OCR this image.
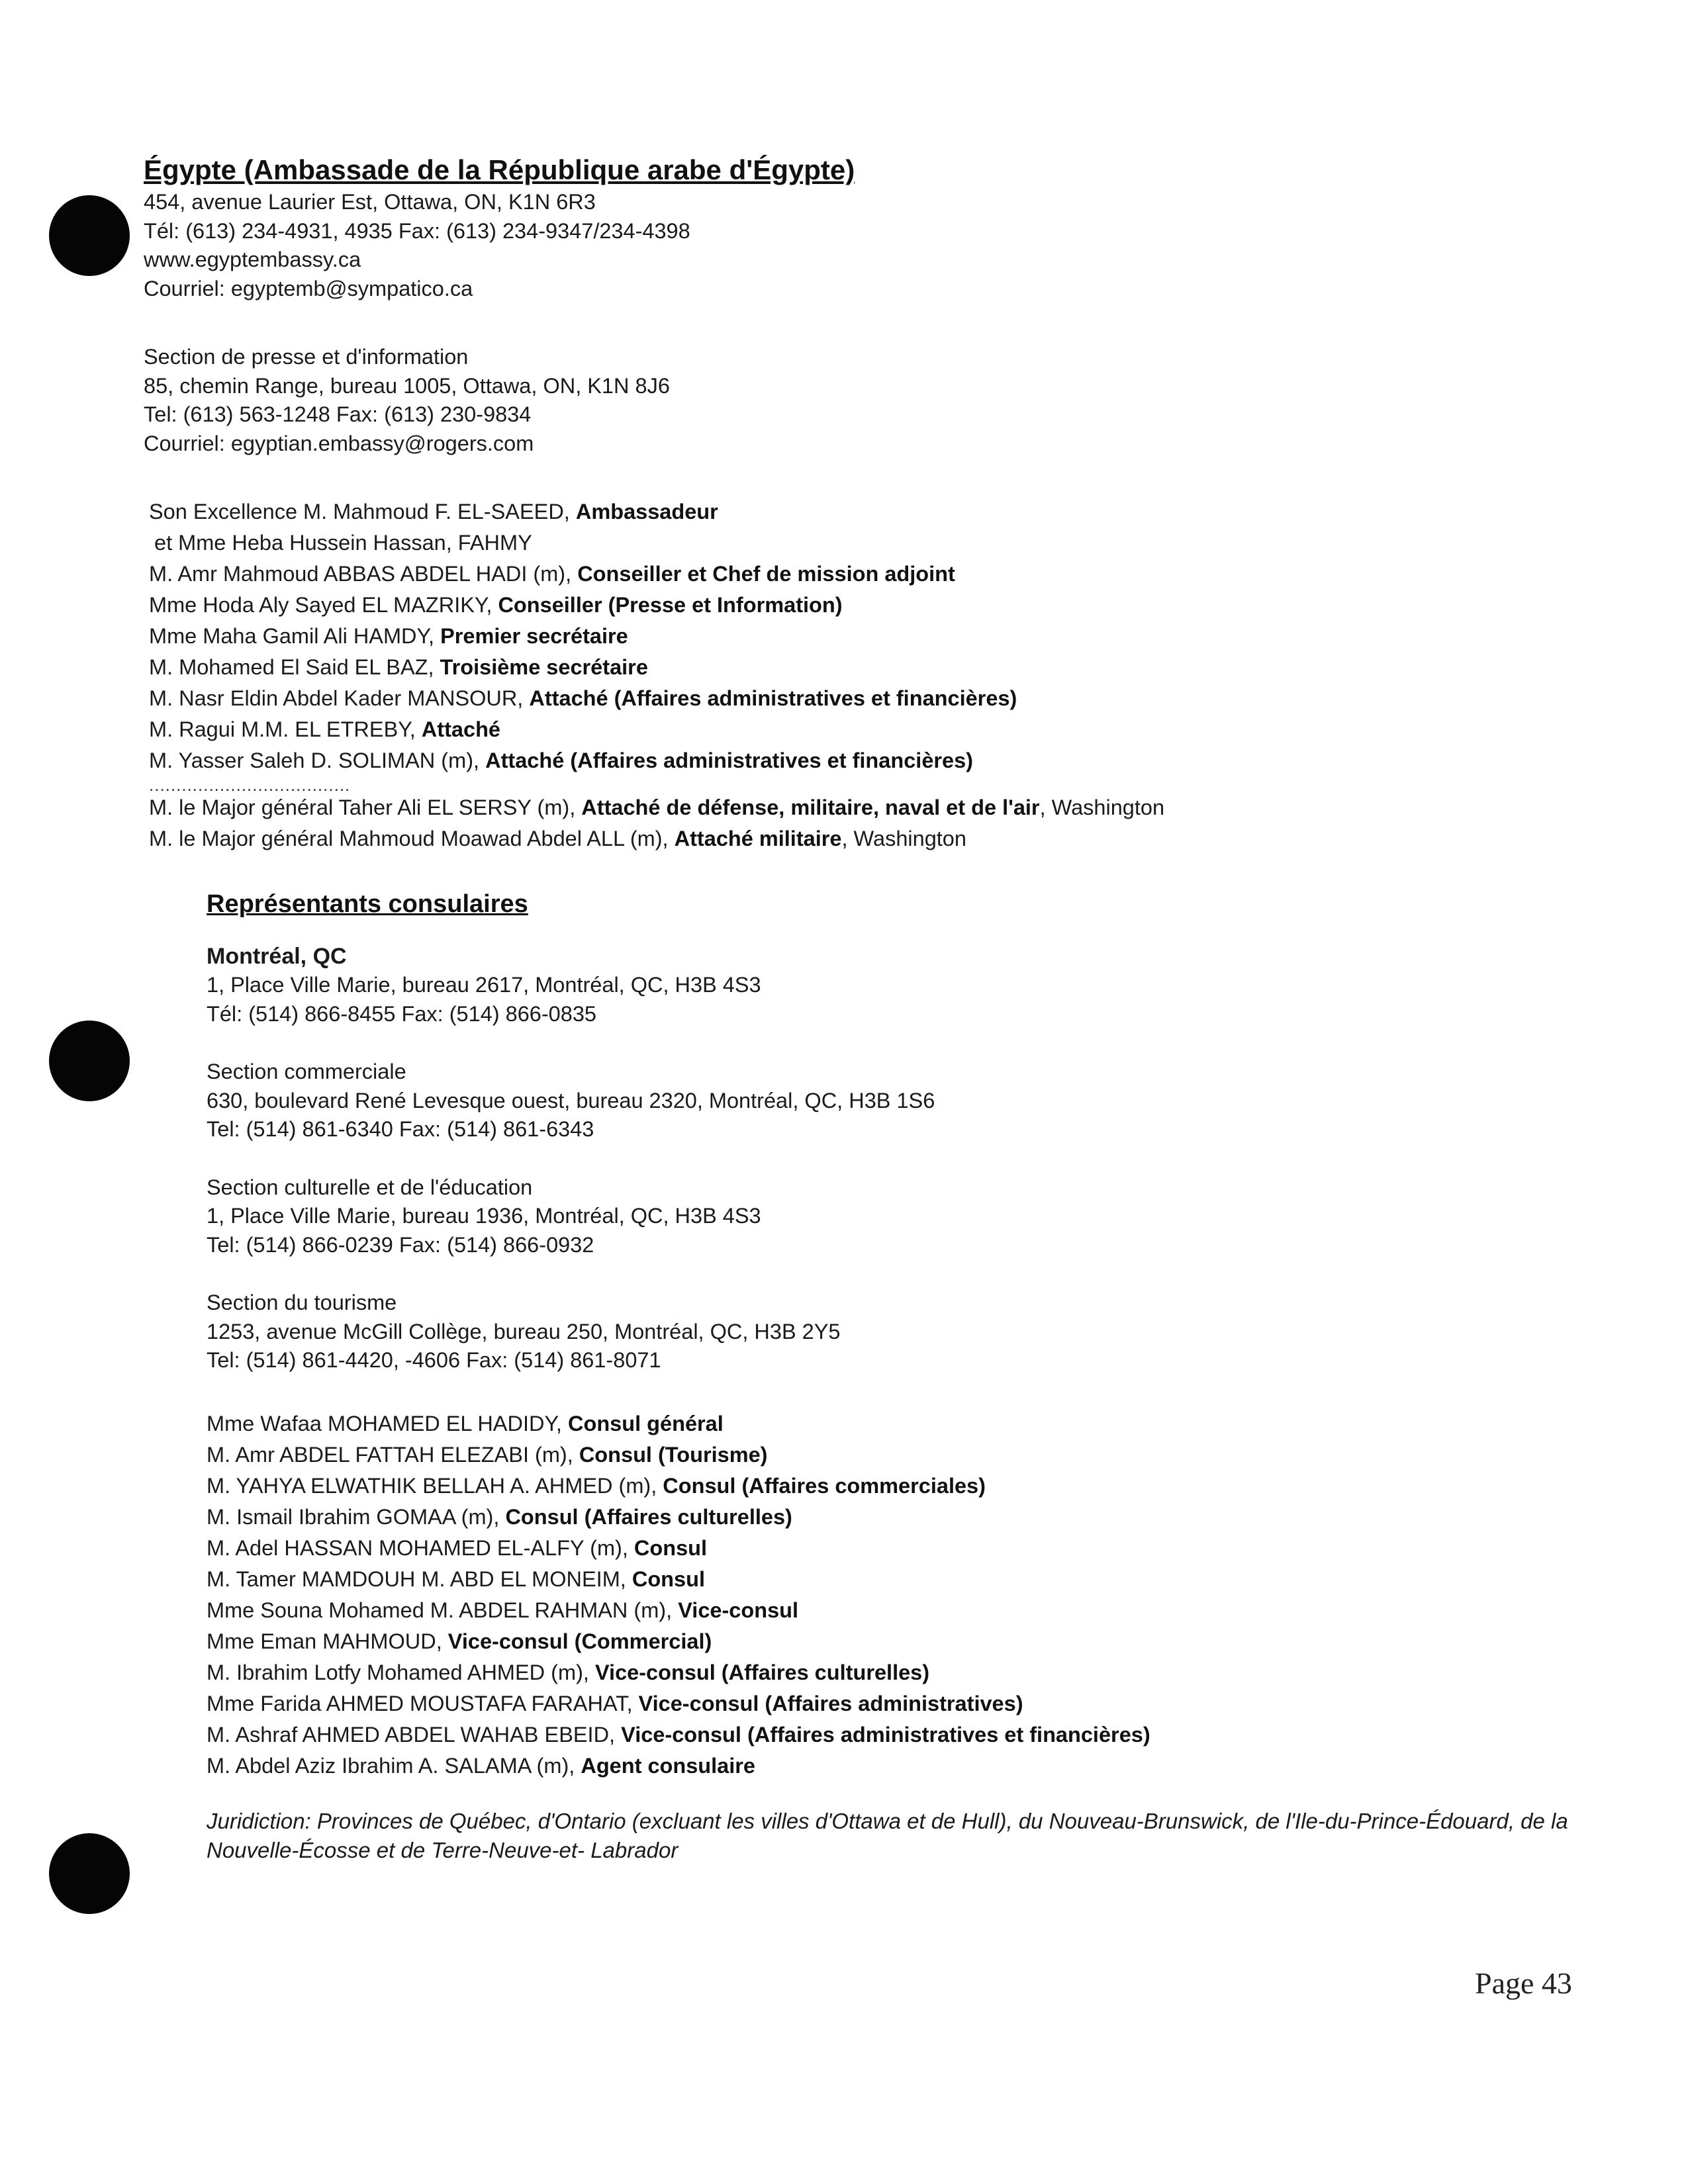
Égypte (Ambassade de la République arabe d'Égypte)
454, avenue Laurier Est, Ottawa, ON, K1N 6R3
Tél: (613) 234-4931, 4935 Fax: (613) 234-9347/234-4398
www.egyptembassy.ca
Courriel: egyptemb@sympatico.ca
Section de presse et d'information
85, chemin Range, bureau 1005, Ottawa, ON, K1N 8J6
Tel: (613) 563-1248 Fax: (613) 230-9834
Courriel: egyptian.embassy@rogers.com
Son Excellence M. Mahmoud F. EL-SAEED, Ambassadeur
et Mme Heba Hussein Hassan, FAHMY
M. Amr Mahmoud ABBAS ABDEL HADI (m), Conseiller et Chef de mission adjoint
Mme Hoda Aly Sayed EL MAZRIKY, Conseiller (Presse et Information)
Mme Maha Gamil Ali HAMDY, Premier secrétaire
M. Mohamed El Said EL BAZ, Troisième secrétaire
M. Nasr Eldin Abdel Kader MANSOUR, Attaché (Affaires administratives et financières)
M. Ragui M.M. EL ETREBY, Attaché
M. Yasser Saleh D. SOLIMAN (m), Attaché (Affaires administratives et financières)
.....................................
M. le Major général Taher Ali EL SERSY (m), Attaché de défense, militaire, naval et de l'air, Washington
M. le Major général Mahmoud Moawad Abdel ALL (m), Attaché militaire, Washington
Représentants consulaires
Montréal, QC
1, Place Ville Marie, bureau 2617, Montréal, QC, H3B 4S3
Tél: (514) 866-8455 Fax: (514) 866-0835
Section commerciale
630, boulevard René Levesque ouest, bureau 2320, Montréal, QC, H3B 1S6
Tel: (514) 861-6340 Fax: (514) 861-6343
Section culturelle et de l'éducation
1, Place Ville Marie, bureau 1936, Montréal, QC, H3B 4S3
Tel: (514) 866-0239 Fax: (514) 866-0932
Section du tourisme
1253, avenue McGill Collège, bureau 250, Montréal, QC, H3B 2Y5
Tel: (514) 861-4420, -4606 Fax: (514) 861-8071
Mme Wafaa MOHAMED EL HADIDY, Consul général
M. Amr ABDEL FATTAH ELEZABI (m), Consul (Tourisme)
M. YAHYA ELWATHIK BELLAH A. AHMED (m), Consul (Affaires commerciales)
M. Ismail Ibrahim GOMAA (m), Consul (Affaires culturelles)
M. Adel HASSAN MOHAMED EL-ALFY (m), Consul
M. Tamer MAMDOUH M. ABD EL MONEIM, Consul
Mme Souna Mohamed M. ABDEL RAHMAN (m), Vice-consul
Mme Eman MAHMOUD, Vice-consul (Commercial)
M. Ibrahim Lotfy Mohamed AHMED (m), Vice-consul (Affaires culturelles)
Mme Farida AHMED MOUSTAFA FARAHAT, Vice-consul (Affaires administratives)
M. Ashraf AHMED ABDEL WAHAB EBEID, Vice-consul (Affaires administratives et financières)
M. Abdel Aziz Ibrahim A. SALAMA (m), Agent consulaire
Juridiction: Provinces de Québec, d'Ontario (excluant les villes d'Ottawa et de Hull), du Nouveau-Brunswick, de l'Ile-du-Prince-Édouard, de la Nouvelle-Écosse et de Terre-Neuve-et- Labrador
Page 43
